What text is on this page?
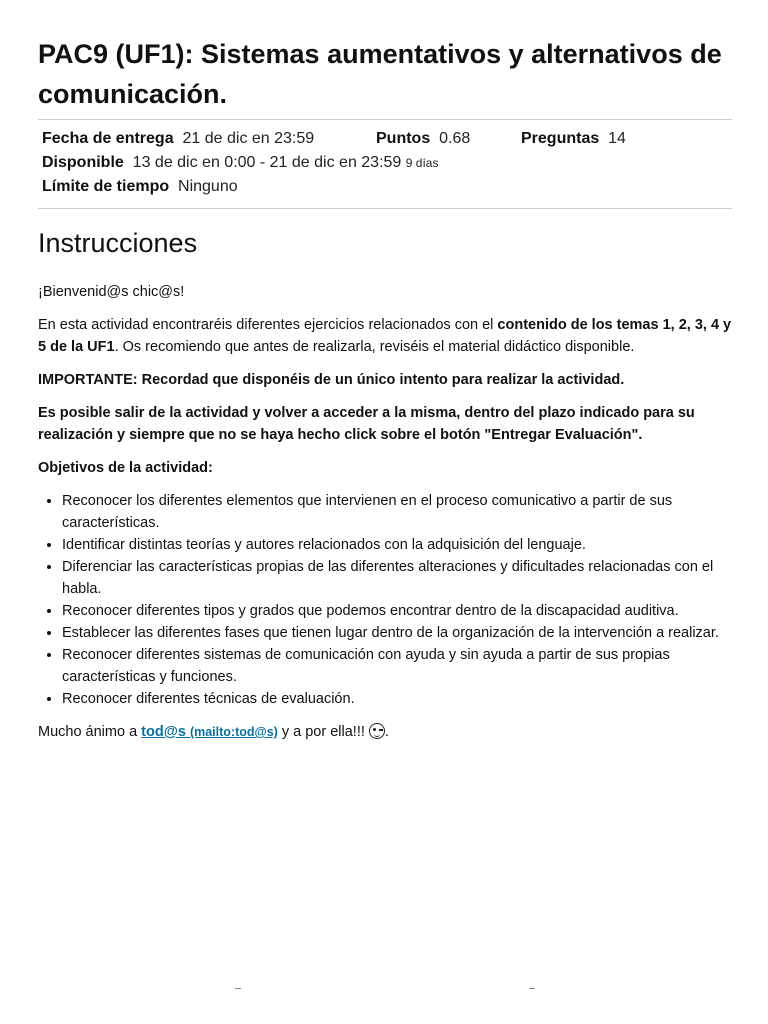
PAC9 (UF1): Sistemas aumentativos y alternativos de comunicación.
Fecha de entrega 21 de dic en 23:59	Puntos 0.68	Preguntas 14
Disponible 13 de dic en 0:00 - 21 de dic en 23:59 9 días
Límite de tiempo Ninguno
Instrucciones

¡Bienvenid@s chic@s!

En esta actividad encontraréis diferentes ejercicios relacionados con el contenido de los temas 1, 2, 3, 4 y 5 de la UF1. Os recomiendo que antes de realizarla, reviséis el material didáctico disponible.

IMPORTANTE: Recordad que disponéis de un único intento para realizar la actividad.

Es posible salir de la actividad y volver a acceder a la misma, dentro del plazo indicado para su realización y siempre que no se haya hecho click sobre el botón "Entregar Evaluación".

Objetivos de la actividad:

• Reconocer los diferentes elementos que intervienen en el proceso comunicativo a partir de sus características.
• Identificar distintas teorías y autores relacionados con la adquisición del lenguaje.
• Diferenciar las características propias de las diferentes alteraciones y dificultades relacionadas con el habla.
• Reconocer diferentes tipos y grados que podemos encontrar dentro de la discapacidad auditiva.
• Establecer las diferentes fases que tienen lugar dentro de la organización de la intervención a realizar.
• Reconocer diferentes sistemas de comunicación con ayuda y sin ayuda a partir de sus propias características y funciones.
• Reconocer diferentes técnicas de evaluación.

Mucho ánimo a tod@s (mailto:tod@s) y a por ella!!!
.
